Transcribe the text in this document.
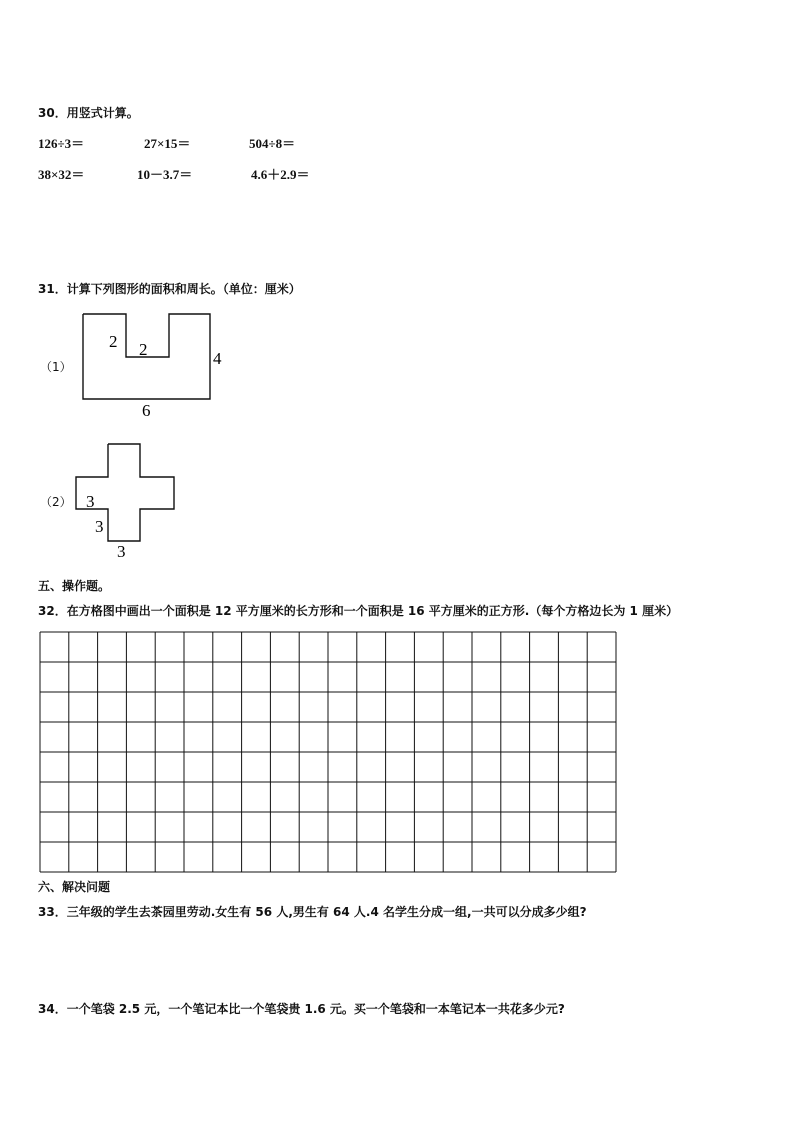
30．用竖式计算。
126÷3＝	27×15＝	504÷8＝
38×32＝	10－3.7＝	4.6＋2.9＝
31．计算下列图形的面积和周长。（单位：厘米）
（1）
2 2	4
6
3
3
3
（2）
五、操作题。
32．在方格图中画出一个面积是 12 平方厘米的长方形和一个面积是 16 平方厘米的正方形.（每个方格边长为 1 厘米）
六、解决问题
33．三年级的学生去茶园里劳动.女生有 56 人,男生有 64 人.4 名学生分成一组,一共可以分成多少组?
34．一个笔袋 2.5 元，一个笔记本比一个笔袋贵 1.6 元。买一个笔袋和一本笔记本一共花多少元?
